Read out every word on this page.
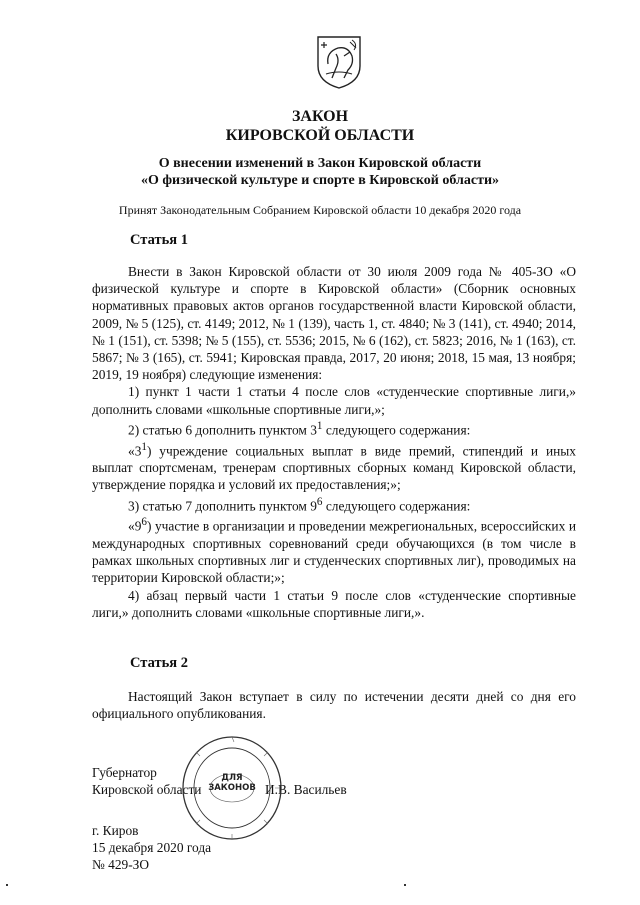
ЗАКОН
КИРОВСКОЙ ОБЛАСТИ
О внесении изменений в Закон Кировской области
«О физической культуре и спорте в Кировской области»

Принят Законодательным Собранием Кировской области 10 декабря 2020 года

Статья 1

Внести в Закон Кировской области от 30 июля 2009 года № 405-ЗО «О физической культуре и спорте в Кировской области» (Сборник основных нормативных правовых актов органов государственной власти Кировской области, 2009, № 5 (125), ст. 4149; 2012, № 1 (139), часть 1, ст. 4840; № 3 (141), ст. 4940; 2014, № 1 (151), ст. 5398; № 5 (155), ст. 5536; 2015, № 6 (162), ст. 5823; 2016, № 1 (163), ст. 5867; № 3 (165), ст. 5941; Кировская правда, 2017, 20 июня; 2018, 15 мая, 13 ноября; 2019, 19 ноября) следующие изменения:

1) пункт 1 части 1 статьи 4 после слов «студенческие спортивные лиги,» дополнить словами «школьные спортивные лиги,»;

2) статью 6 дополнить пунктом $3^1$ следующего содержания:

«$3^1$) учреждение социальных выплат в виде премий, стипендий и иных выплат спортсменам, тренерам спортивных сборных команд Кировской области, утверждение порядка и условий их предоставления;»;

3) статью 7 дополнить пунктом $9^6$ следующего содержания:

«$9^6$) участие в организации и проведении межрегиональных, всероссийских и международных спортивных соревнований среди обучающихся (в том числе в рамках школьных спортивных лиг и студенческих спортивных лиг), проводимых на территории Кировской области;»;

4) абзац первый части 1 статьи 9 после слов «студенческие спортивные лиги,» дополнить словами «школьные спортивные лиги,».

Статья 2

Настоящий Закон вступает в силу по истечении десяти дней со дня его официального опубликования.

Губернатор
Кировской области	И.В. Васильев
ДЛЯ
ЗАКОНОВ
г. Киров
15 декабря 2020 года
№ 429-ЗО
